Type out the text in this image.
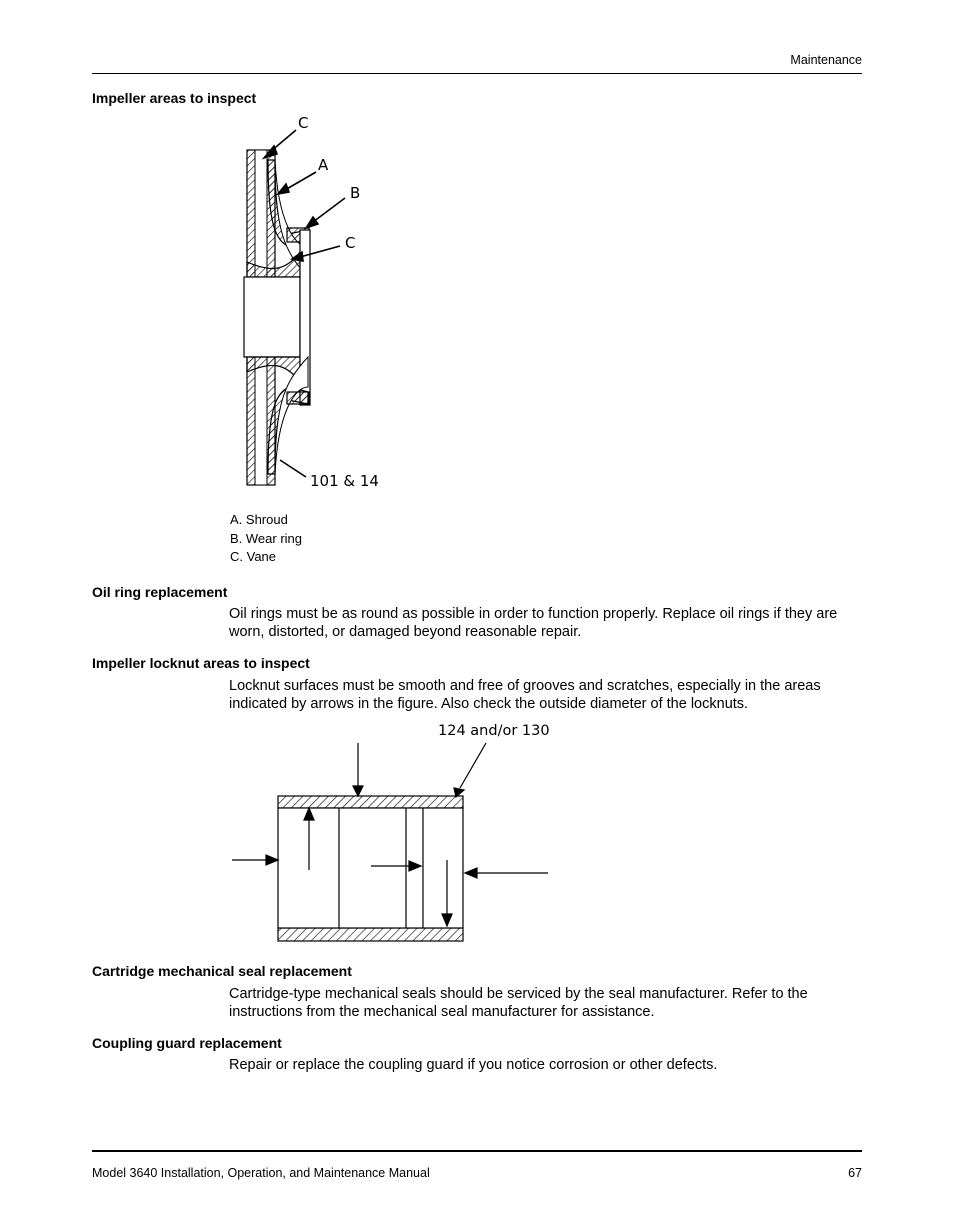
Maintenance
Impeller areas to inspect
C
A
B
C
101 & 14
A. Shroud
B. Wear ring
C. Vane
Oil ring replacement

Oil rings must be as round as possible in order to function properly. Replace oil rings if they are worn, distorted, or damaged beyond reasonable repair.

Impeller locknut areas to inspect

Locknut surfaces must be smooth and free of grooves and scratches, especially in the areas indicated by arrows in the figure. Also check the outside diameter of the locknuts.

124 and/or 130
Cartridge mechanical seal replacement

Cartridge-type mechanical seals should be serviced by the seal manufacturer. Refer to the instructions from the mechanical seal manufacturer for assistance.

Coupling guard replacement

Repair or replace the coupling guard if you notice corrosion or other defects.

Model 3640 Installation, Operation, and Maintenance Manual	67
